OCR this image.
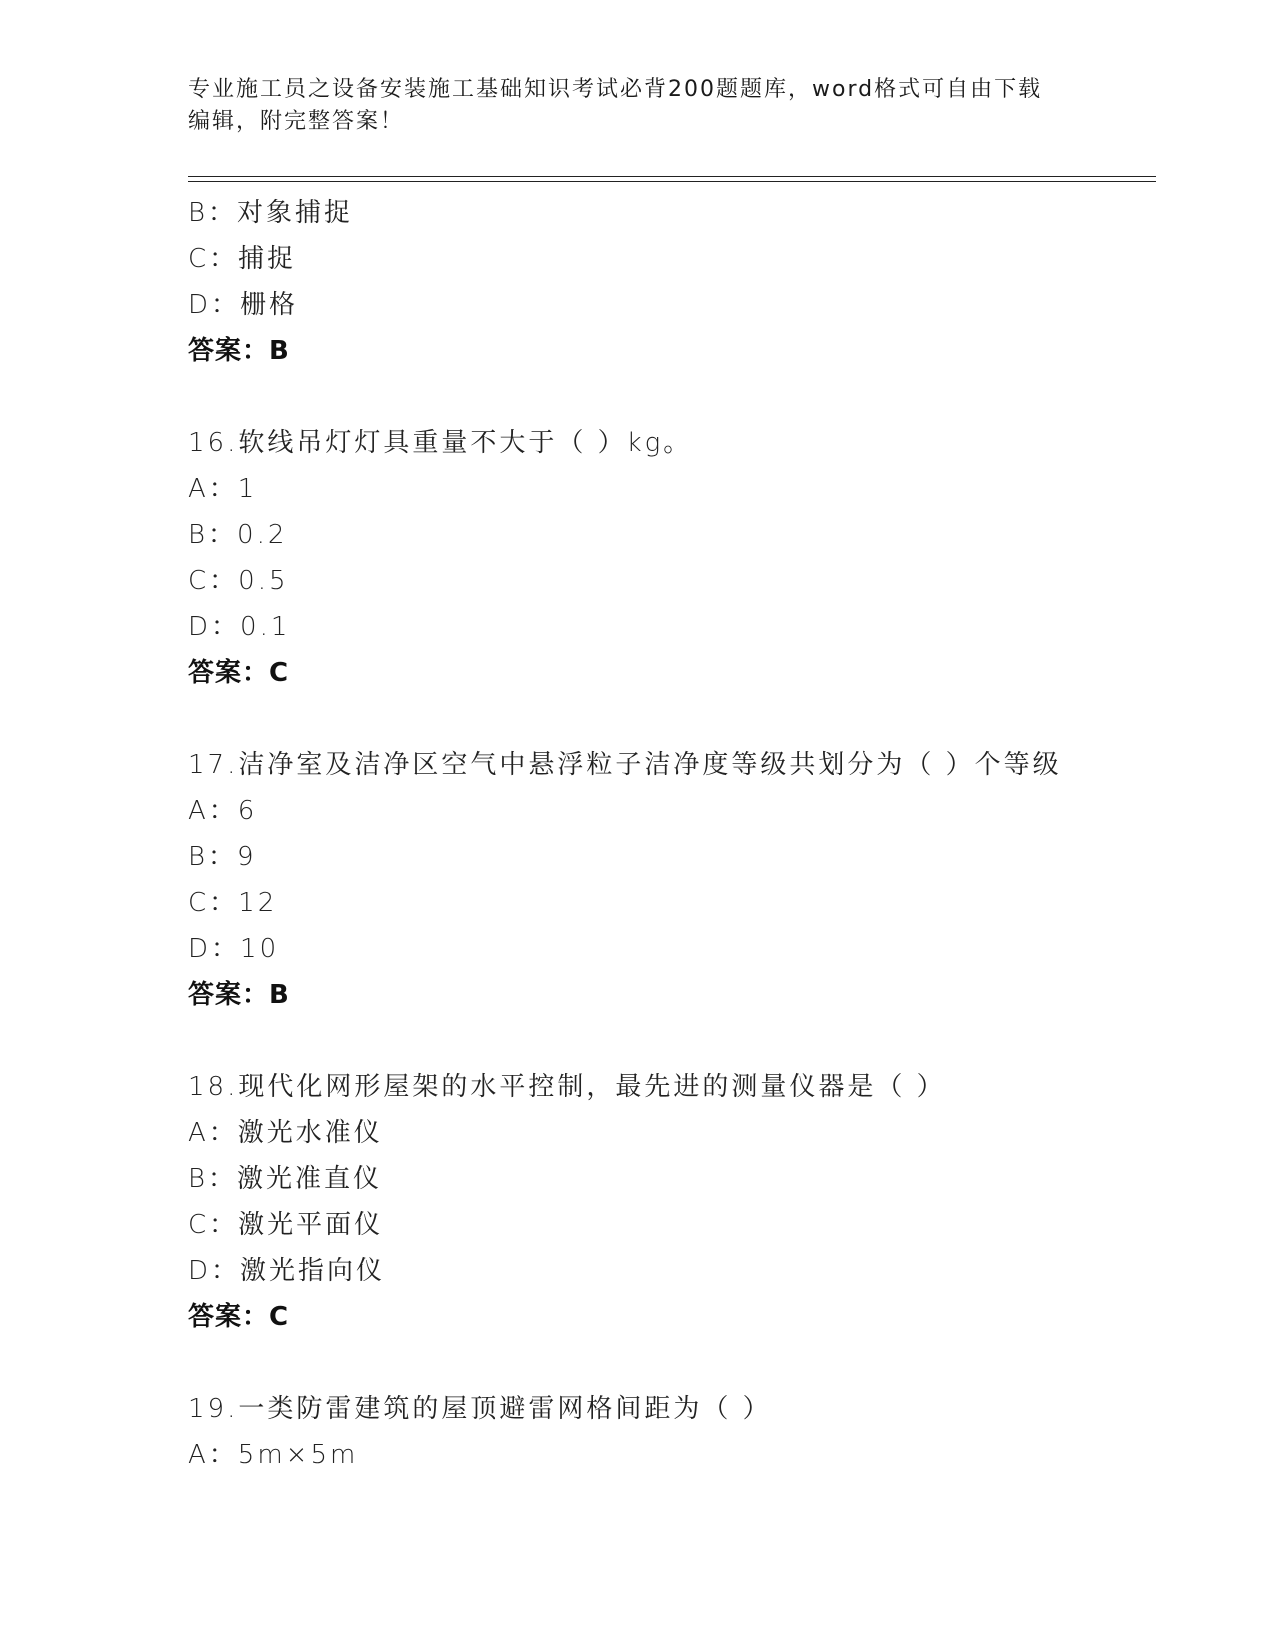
专业施工员之设备安装施工基础知识考试必背200题题库，word格式可自由下载
编辑，附完整答案！
B：对象捕捉
C：捕捉
D：栅格
答案：B
16.软线吊灯灯具重量不大于（ ）kg。
A：1
B：0.2
C：0.5
D：0.1
答案：C
17.洁净室及洁净区空气中悬浮粒子洁净度等级共划分为（ ）个等级
A：6
B：9
C：12
D：10
答案：B
18.现代化网形屋架的水平控制，最先进的测量仪器是（ ）
A：激光水准仪
B：激光准直仪
C：激光平面仪
D：激光指向仪
答案：C
19.一类防雷建筑的屋顶避雷网格间距为（ ）
A：5m×5m
